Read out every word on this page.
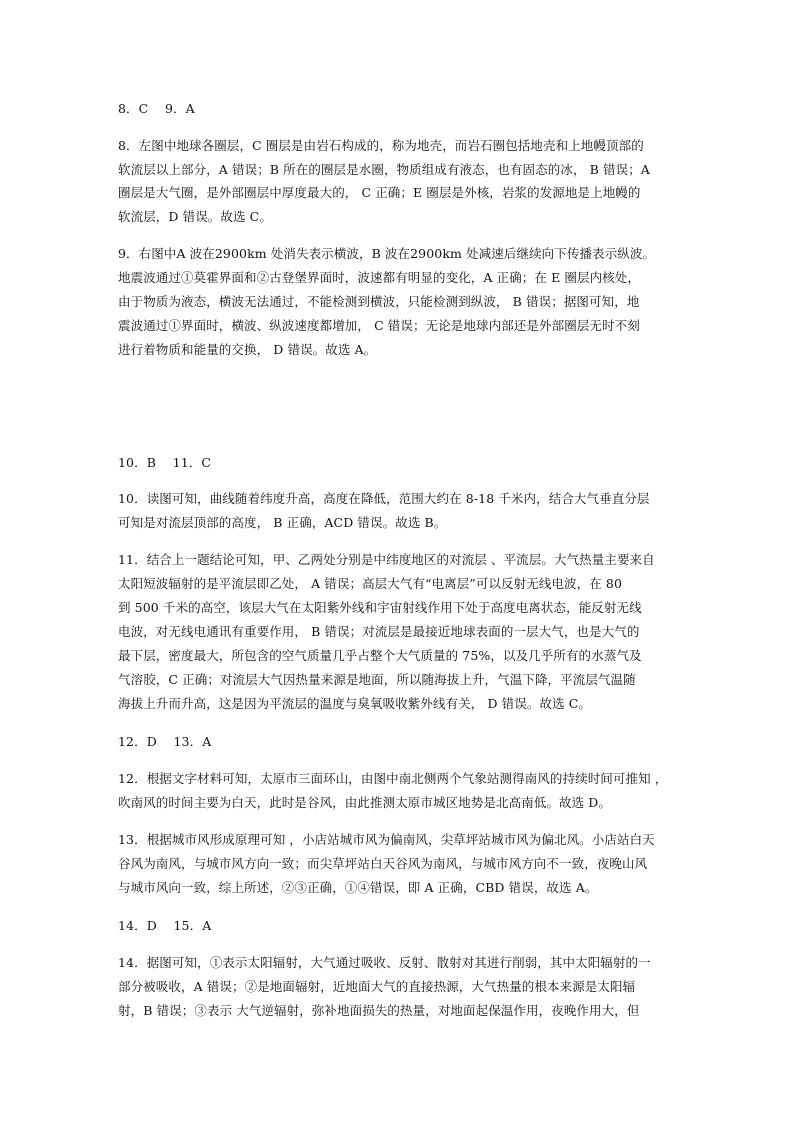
8．C　 9．A
8．左图中地球各圈层，C 圈层是由岩石构成的，称为地壳，而岩石圈包括地壳和上地幔顶部的
软流层以上部分，A 错误；B 所在的圈层是水圈，物质组成有液态，也有固态的冰， B 错误；A
圈层是大气圈，是外部圈层中厚度最大的， C 正确；E 圈层是外核，岩浆的发源地是上地幔的
软流层，D 错误。故选 C。
9．右图中A 波在2900km 处消失表示横波，B 波在2900km 处减速后继续向下传播表示纵波。
地震波通过①莫霍界面和②古登堡界面时，波速都有明显的变化，A 正确；在 E 圈层内核处，
由于物质为液态，横波无法通过，不能检测到横波，只能检测到纵波， B 错误；据图可知，地
震波通过①界面时，横波、纵波速度都增加， C 错误；无论是地球内部还是外部圈层无时不刻
进行着物质和能量的交换， D 错误。故选 A。
10．B　 11．C
10．读图可知，曲线随着纬度升高，高度在降低，范围大约在 8-18 千米内，结合大气垂直分层
可知是对流层顶部的高度， B 正确，ACD 错误。故选 B。
11．结合上一题结论可知，甲、乙两处分别是中纬度地区的对流层 、平流层。大气热量主要来自
太阳短波辐射的是平流层即乙处， A 错误；高层大气有“电离层”可以反射无线电波，在 80
到 500 千米的高空，该层大气在太阳紫外线和宇宙射线作用下处于高度电离状态，能反射无线
电波，对无线电通讯有重要作用， B 错误；对流层是最接近地球表面的一层大气，也是大气的
最下层，密度最大，所包含的空气质量几乎占整个大气质量的 75%，以及几乎所有的水蒸气及
气溶胶，C 正确；对流层大气因热量来源是地面，所以随海拔上升，气温下降，平流层气温随
海拔上升而升高，这是因为平流层的温度与臭氧吸收紫外线有关， D 错误。故选 C。
12．D　 13．A
12．根据文字材料可知，太原市三面环山，由图中南北侧两个气象站测得南风的持续时间可推知 ，
吹南风的时间主要为白天，此时是谷风，由此推测太原市城区地势是北高南低。故选 D。
13．根据城市风形成原理可知 ，小店站城市风为偏南风，尖草坪站城市风为偏北风。小店站白天
谷风为南风，与城市风方向一致；而尖草坪站白天谷风为南风，与城市风方向不一致，夜晚山风
与城市风向一致，综上所述，②③正确，①④错误，即 A 正确，CBD 错误，故选 A。
14．D　 15．A
14．据图可知，①表示太阳辐射，大气通过吸收、反射、散射对其进行削弱，其中太阳辐射的一
部分被吸收，A 错误；②是地面辐射，近地面大气的直接热源，大气热量的根本来源是太阳辐
射，B 错误；③表示 大气逆辐射，弥补地面损失的热量，对地面起保温作用，夜晚作用大，但
